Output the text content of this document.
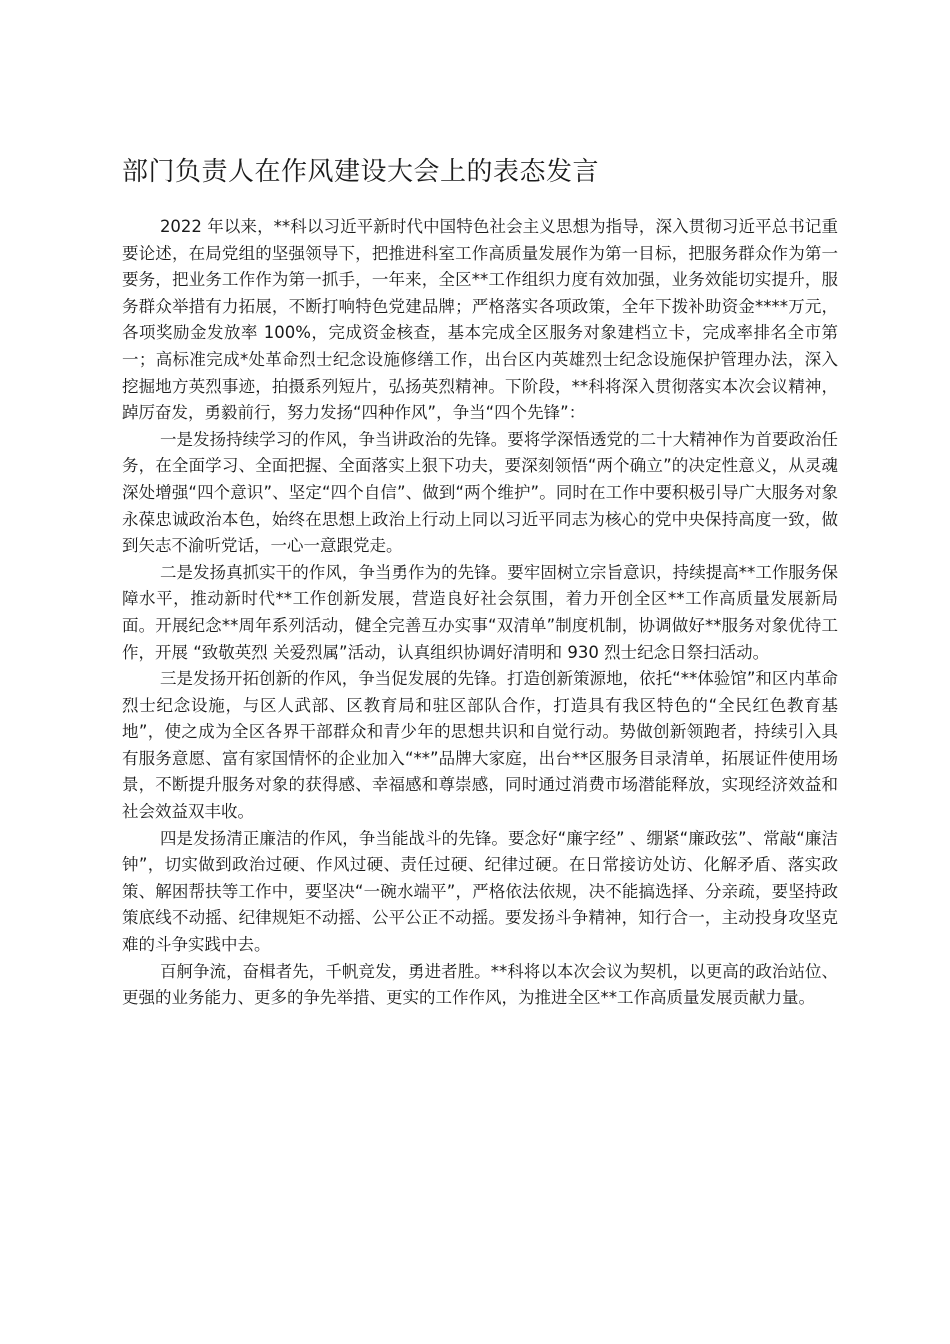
部门负责人在作风建设大会上的表态发言

2022 年以来，**科以习近平新时代中国特色社会主义思想为指导，深入贯彻习近平总书记重要论述，在局党组的坚强领导下，把推进科室工作高质量发展作为第一目标，把服务群众作为第一要务，把业务工作作为第一抓手，一年来，全区**工作组织力度有效加强，业务效能切实提升，服务群众举措有力拓展，不断打响特色党建品牌；严格落实各项政策，全年下拨补助资金****万元，各项奖励金发放率 100%，完成资金核查，基本完成全区服务对象建档立卡，完成率排名全市第一；高标准完成*处革命烈士纪念设施修缮工作，出台区内英雄烈士纪念设施保护管理办法，深入挖掘地方英烈事迹，拍摄系列短片，弘扬英烈精神。下阶段，**科将深入贯彻落实本次会议精神，踔厉奋发，勇毅前行，努力发扬“四种作风”，争当“四个先锋”：

一是发扬持续学习的作风，争当讲政治的先锋。要将学深悟透党的二十大精神作为首要政治任务，在全面学习、全面把握、全面落实上狠下功夫，要深刻领悟“两个确立”的决定性意义，从灵魂深处增强“四个意识”、坚定“四个自信”、做到“两个维护”。同时在工作中要积极引导广大服务对象永葆忠诚政治本色，始终在思想上政治上行动上同以习近平同志为核心的党中央保持高度一致，做到矢志不渝听党话，一心一意跟党走。

二是发扬真抓实干的作风，争当勇作为的先锋。要牢固树立宗旨意识，持续提高**工作服务保障水平，推动新时代**工作创新发展，营造良好社会氛围，着力开创全区**工作高质量发展新局面。开展纪念**周年系列活动，健全完善互办实事“双清单”制度机制，协调做好**服务对象优待工作，开展 “致敬英烈 关爱烈属”活动，认真组织协调好清明和 930 烈士纪念日祭扫活动。

三是发扬开拓创新的作风，争当促发展的先锋。打造创新策源地，依托“**体验馆”和区内革命烈士纪念设施，与区人武部、区教育局和驻区部队合作，打造具有我区特色的“全民红色教育基地”，使之成为全区各界干部群众和青少年的思想共识和自觉行动。势做创新领跑者，持续引入具有服务意愿、富有家国情怀的企业加入“**”品牌大家庭，出台**区服务目录清单，拓展证件使用场景，不断提升服务对象的获得感、幸福感和尊崇感，同时通过消费市场潜能释放，实现经济效益和社会效益双丰收。

四是发扬清正廉洁的作风，争当能战斗的先锋。要念好“廉字经” 、绷紧“廉政弦”、常敲“廉洁钟”，切实做到政治过硬、作风过硬、责任过硬、纪律过硬。在日常接访处访、化解矛盾、落实政策、解困帮扶等工作中，要坚决“一碗水端平”，严格依法依规，决不能搞选择、分亲疏，要坚持政策底线不动摇、纪律规矩不动摇、公平公正不动摇。要发扬斗争精神，知行合一，主动投身攻坚克难的斗争实践中去。

百舸争流，奋楫者先，千帆竞发，勇进者胜。**科将以本次会议为契机，以更高的政治站位、更强的业务能力、更多的争先举措、更实的工作作风，为推进全区**工作高质量发展贡献力量。
